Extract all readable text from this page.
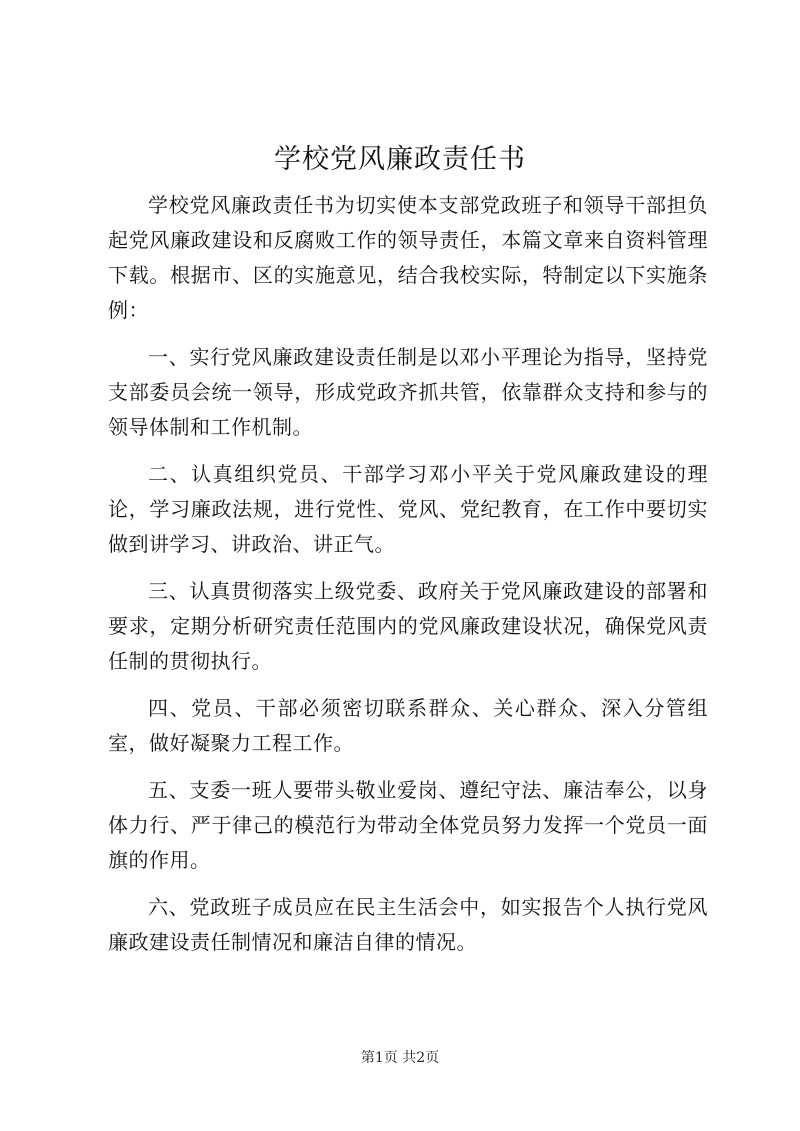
学校党风廉政责任书

学校党风廉政责任书为切实使本支部党政班子和领导干部担负起党风廉政建设和反腐败工作的领导责任，本篇文章来自资料管理下载。根据市、区的实施意见，结合我校实际，特制定以下实施条例：

一、实行党风廉政建设责任制是以邓小平理论为指导，坚持党支部委员会统一领导，形成党政齐抓共管，依靠群众支持和参与的领导体制和工作机制。

二、认真组织党员、干部学习邓小平关于党风廉政建设的理论，学习廉政法规，进行党性、党风、党纪教育，在工作中要切实做到讲学习、讲政治、讲正气。

三、认真贯彻落实上级党委、政府关于党风廉政建设的部署和要求，定期分析研究责任范围内的党风廉政建设状况，确保党风责任制的贯彻执行。

四、党员、干部必须密切联系群众、关心群众、深入分管组室，做好凝聚力工程工作。

五、支委一班人要带头敬业爱岗、遵纪守法、廉洁奉公，以身体力行、严于律己的模范行为带动全体党员努力发挥一个党员一面旗的作用。

六、党政班子成员应在民主生活会中，如实报告个人执行党风廉政建设责任制情况和廉洁自律的情况。

第1页 共2页
